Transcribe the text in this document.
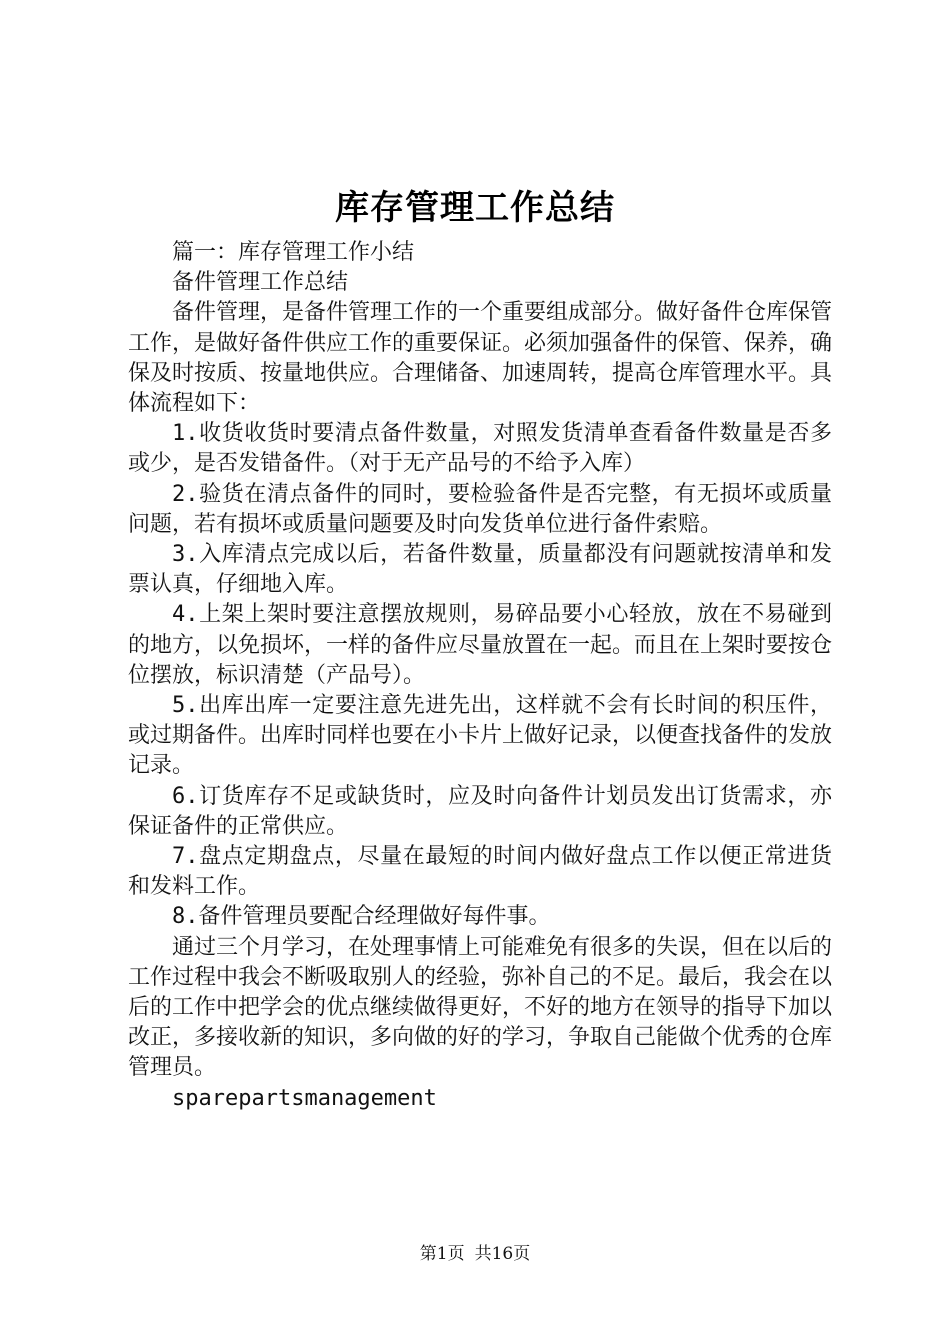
库存管理工作总结

篇一：库存管理工作小结

备件管理工作总结

备件管理，是备件管理工作的一个重要组成部分。做好备件仓库保管工作，是做好备件供应工作的重要保证。必须加强备件的保管、保养，确保及时按质、按量地供应。合理储备、加速周转，提高仓库管理水平。具体流程如下：

1.收货收货时要清点备件数量，对照发货清单查看备件数量是否多或少，是否发错备件。（对于无产品号的不给予入库）

2.验货在清点备件的同时，要检验备件是否完整，有无损坏或质量问题，若有损坏或质量问题要及时向发货单位进行备件索赔。

3.入库清点完成以后，若备件数量，质量都没有问题就按清单和发票认真，仔细地入库。

4.上架上架时要注意摆放规则，易碎品要小心轻放，放在不易碰到的地方，以免损坏，一样的备件应尽量放置在一起。而且在上架时要按仓位摆放，标识清楚（产品号）。

5.出库出库一定要注意先进先出，这样就不会有长时间的积压件，或过期备件。出库时同样也要在小卡片上做好记录，以便查找备件的发放记录。

6.订货库存不足或缺货时，应及时向备件计划员发出订货需求，亦保证备件的正常供应。

7.盘点定期盘点，尽量在最短的时间内做好盘点工作以便正常进货和发料工作。

8.备件管理员要配合经理做好每件事。

通过三个月学习，在处理事情上可能难免有很多的失误，但在以后的工作过程中我会不断吸取别人的经验，弥补自己的不足。最后，我会在以后的工作中把学会的优点继续做得更好，不好的地方在领导的指导下加以改正，多接收新的知识，多向做的好的学习，争取自己能做个优秀的仓库管理员。

sparepartsmanagement

第1页 共16页
